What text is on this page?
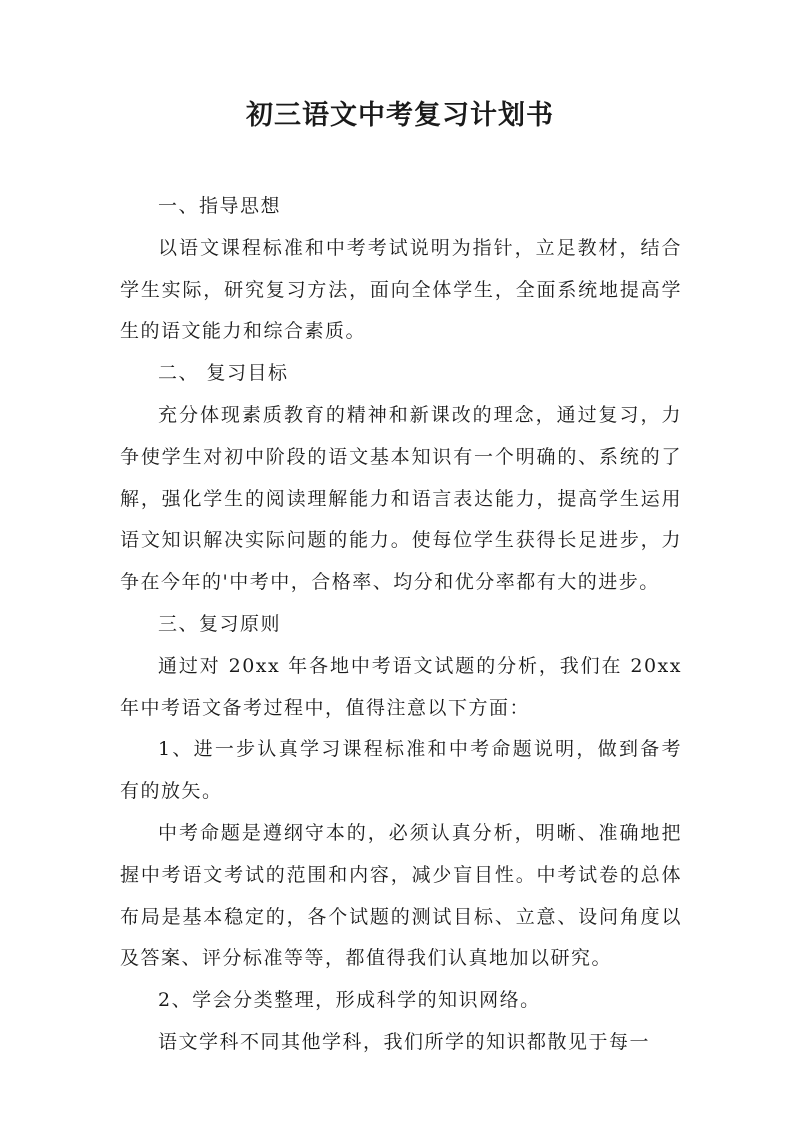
初三语文中考复习计划书

一、指导思想

以语文课程标准和中考考试说明为指针，立足教材，结合学生实际，研究复习方法，面向全体学生，全面系统地提高学生的语文能力和综合素质。

二、 复习目标

充分体现素质教育的精神和新课改的理念，通过复习，力争使学生对初中阶段的语文基本知识有一个明确的、系统的了解，强化学生的阅读理解能力和语言表达能力，提高学生运用语文知识解决实际问题的能力。使每位学生获得长足进步，力争在今年的'中考中，合格率、均分和优分率都有大的进步。

三、复习原则

通过对 20xx 年各地中考语文试题的分析，我们在 20xx 年中考语文备考过程中，值得注意以下方面：

1、进一步认真学习课程标准和中考命题说明，做到备考有的放矢。

中考命题是遵纲守本的，必须认真分析，明晰、准确地把握中考语文考试的范围和内容，减少盲目性。中考试卷的总体布局是基本稳定的，各个试题的测试目标、立意、设问角度以及答案、评分标准等等，都值得我们认真地加以研究。

2、学会分类整理，形成科学的知识网络。

语文学科不同其他学科，我们所学的知识都散见于每一
